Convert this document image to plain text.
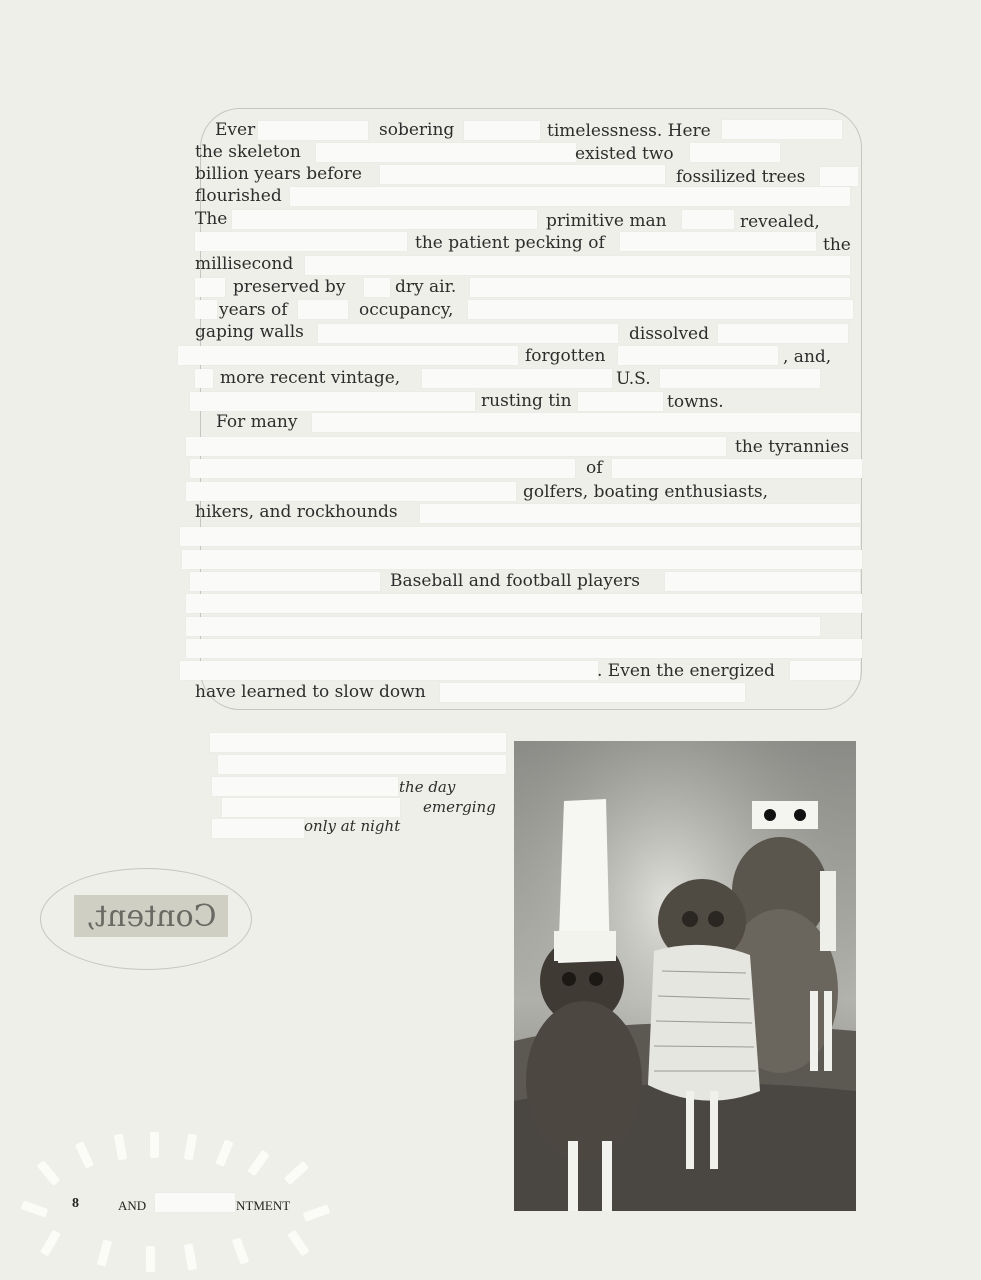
Ever	sobering	timelessness. Here
the skeleton	existed two
billion years before	fossilized trees
flourished
The	primitive man	revealed,
the patient pecking of	the
millisecond
preserved by	dry air.
years of	occupancy,
gaping walls	dissolved
forgotten	, and,
more recent vintage,	U.S.
rusting tin	towns.
For many
the tyrannies
of
golfers, boating enthusiasts,
hikers, and rockhounds
Baseball and football players
. Even the energized
have learned to slow down
the day
emerging
only at night
Content,
8	AND	NTMENT
